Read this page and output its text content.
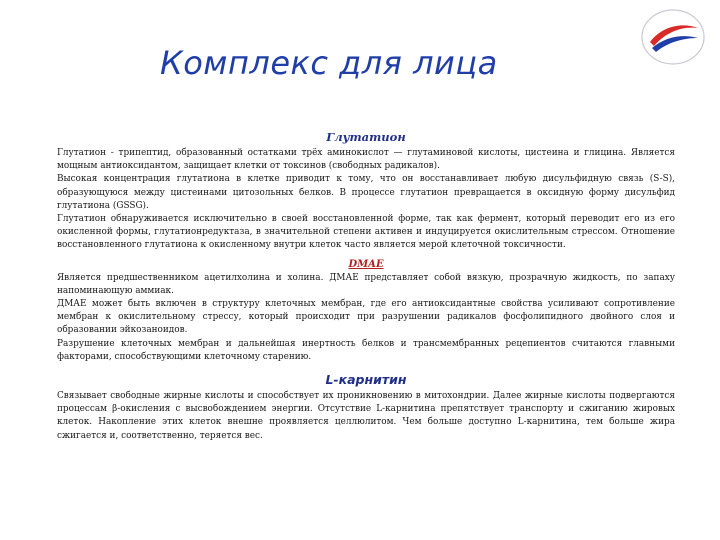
Комплекс для лица
Глутатион

Глутатион - трипептид, образованный остатками трёх аминокислот — глутаминовой кислоты, цистеина и глицина. Является мощным антиоксидантом, защищает клетки от токсинов (свободных радикалов).

Высокая концентрация глутатиона в клетке приводит к тому, что он восстанавливает любую дисульфидную связь (S-S), образующуюся между цистеинами цитозольных белков. В процессе глутатион превращается в оксидную форму дисульфид глутатиона (GSSG).

Глутатион обнаруживается исключительно в своей восстановленной форме, так как фермент, который переводит его из его окисленной формы, глутатионредуктаза, в значительной степени активен и индуцируется окислительным стрессом. Отношение восстановленного глутатиона к окисленному внутри клеток часто является мерой клеточной токсичности.

DMAE

Является предшественником ацетилхолина и холина. ДМАЕ представляет собой вязкую, прозрачную жидкость, по запаху напоминающую аммиак.

ДМАЕ может быть включен в структуру клеточных мембран, где его антиоксидантные свойства усиливают сопротивление мембран к окислительному стрессу, который происходит при разрушении радикалов фосфолипидного двойного слоя и образовании эйкозаноидов.

Разрушение клеточных мембран и дальнейшая инертность белков и трансмембранных рецепиентов считаются главными факторами, способствующими клеточному старению.

L-карнитин

Связывает свободные жирные кислоты и способствует их проникновению в митохондрии. Далее жирные кислоты подвергаются процессам β-окисления с высвобождением энергии. Отсутствие L-карнитина препятствует транспорту и сжиганию жировых клеток. Накопление этих клеток внешне проявляется целлюлитом. Чем больше доступно L-карнитина, тем больше жира сжигается и, соответственно, теряется вес.
